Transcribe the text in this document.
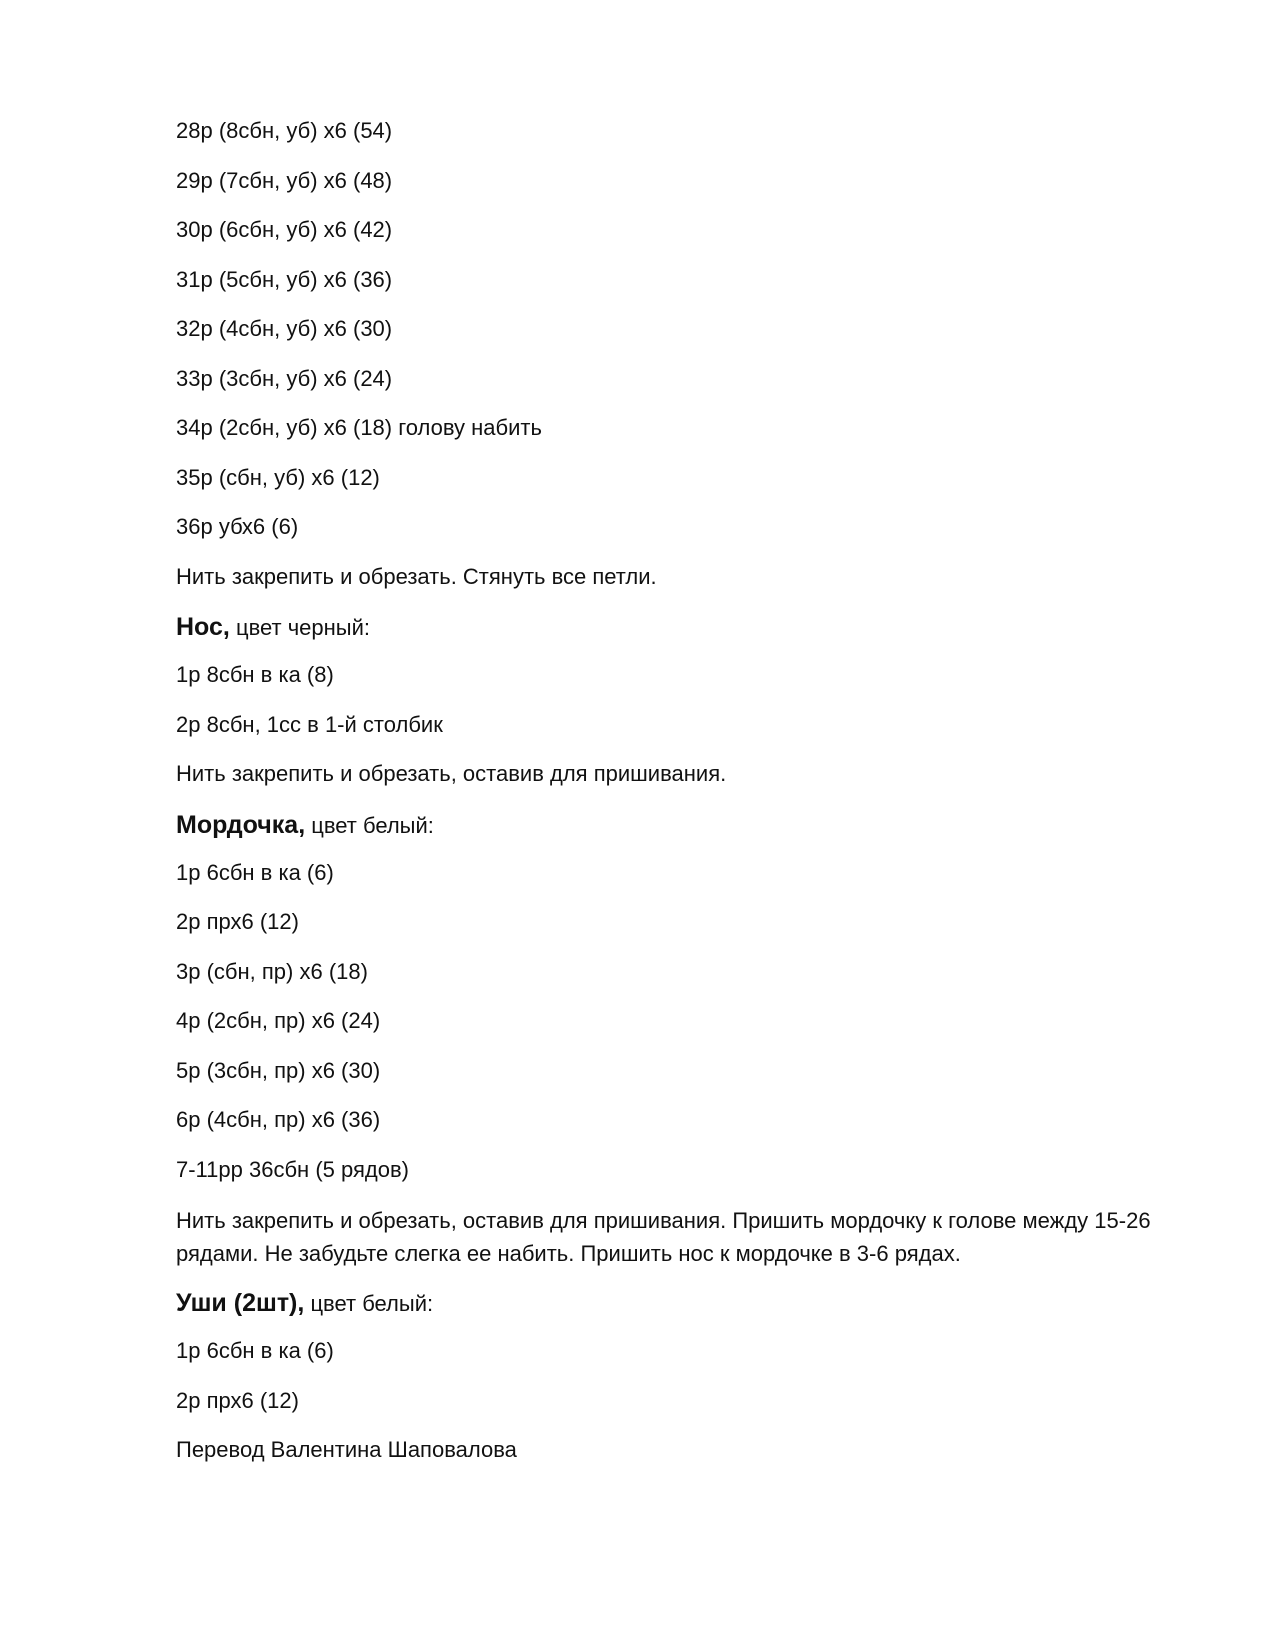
28р (8сбн, уб) х6 (54)
29р (7сбн, уб) х6 (48)
30р (6сбн, уб) х6 (42)
31р (5сбн, уб) х6 (36)
32р (4сбн, уб) х6 (30)
33р (3сбн, уб) х6 (24)
34р (2сбн, уб) х6 (18) голову набить
35р (сбн, уб) х6 (12)
36р убх6 (6)
Нить закрепить и обрезать. Стянуть все петли.
Нос, цвет черный:
1р 8сбн в ка (8)
2р 8сбн, 1сс в 1-й столбик
Нить закрепить и обрезать, оставив для пришивания.
Мордочка, цвет белый:
1р 6сбн в ка (6)
2р прх6 (12)
3р (сбн, пр) х6 (18)
4р (2сбн, пр) х6 (24)
5р (3сбн, пр) х6 (30)
6р (4сбн, пр) х6 (36)
7-11рр 36сбн (5 рядов)
Нить закрепить и обрезать, оставив для пришивания. Пришить мордочку к голове между 15-26 рядами. Не забудьте слегка ее набить. Пришить нос к мордочке в 3-6 рядах.
Уши (2шт), цвет белый:
1р 6сбн в ка (6)
2р прх6 (12)
Перевод Валентина Шаповалова
